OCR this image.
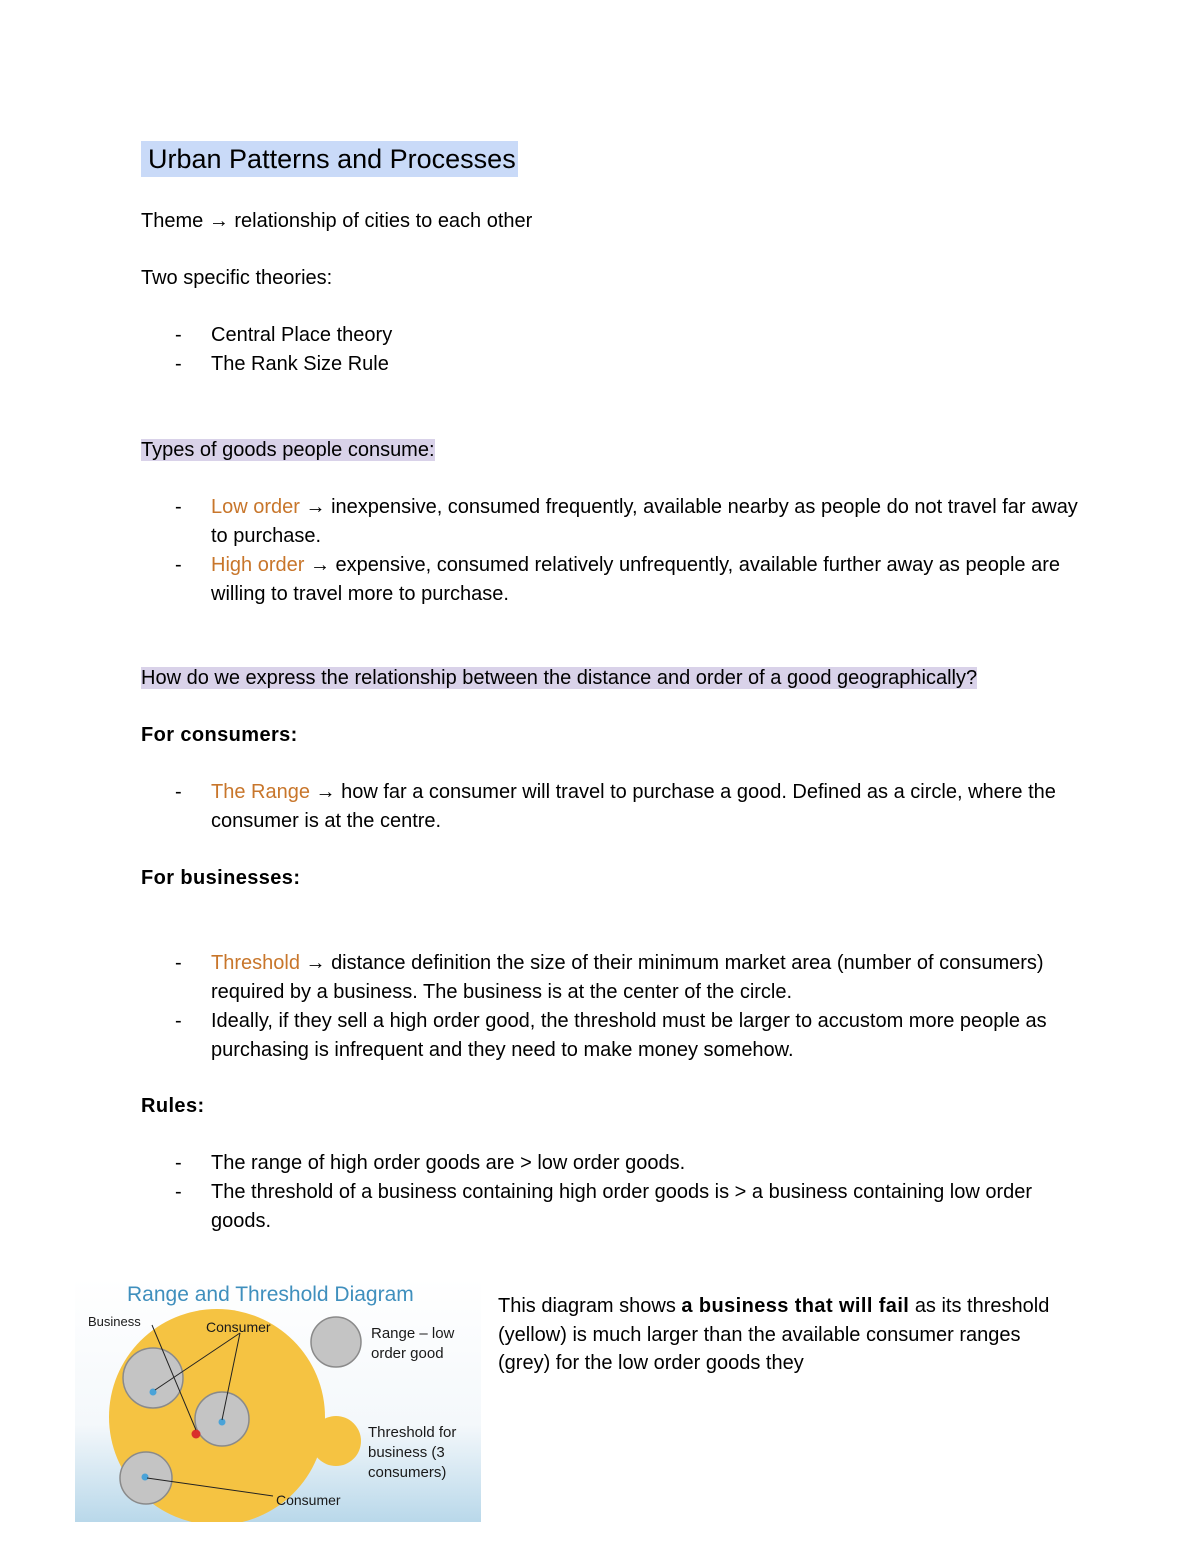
Urban Patterns and Processes
Theme → relationship of cities to each other
Two specific theories:
- Central Place theory
- The Rank Size Rule
Types of goods people consume:
- Low order → inexpensive, consumed frequently, available nearby as people do not travel far away to purchase.
- High order → expensive, consumed relatively unfrequently, available further away as people are willing to travel more to purchase.
How do we express the relationship between the distance and order of a good geographically?
For consumers:
- The Range → how far a consumer will travel to purchase a good. Defined as a circle, where the consumer is at the centre.
For businesses:
- Threshold → distance definition the size of their minimum market area (number of consumers) required by a business. The business is at the center of the circle.
- Ideally, if they sell a high order good, the threshold must be larger to accustom more people as purchasing is infrequent and they need to make money somehow.
Rules:
- The range of high order goods are > low order goods.
- The threshold of a business containing high order goods is > a business containing low order goods.
Range and Threshold Diagram
Business	Consumer
Consumer
Range – low
order good
Threshold for
business (3
consumers)
This diagram shows a business that will fail as its threshold (yellow) is much larger than the available consumer ranges (grey) for the low order goods they
